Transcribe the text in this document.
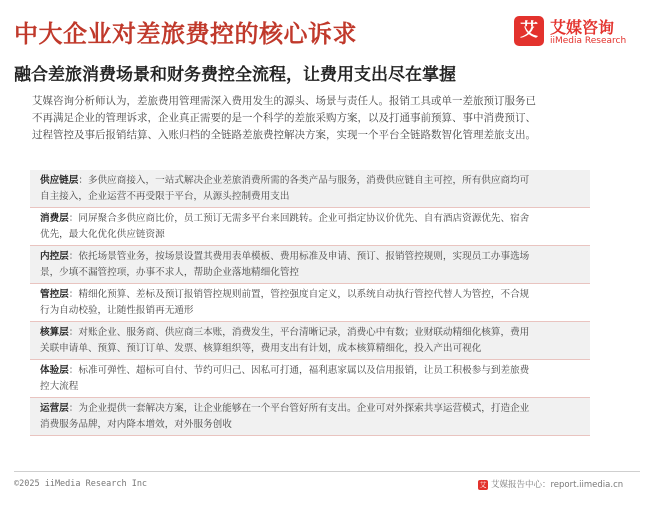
中大企业对差旅费控的核心诉求	艾 艾媒咨询
iiMedia Research
融合差旅消费场景和财务费控全流程，让费用支出尽在掌握
艾媒咨询分析师认为，差旅费用管理需深入费用发生的源头、场景与责任人。报销工具或单一差旅预订服务已
不再满足企业的管理诉求，企业真正需要的是一个科学的差旅采购方案，以及打通事前预算、事中消费预订、
过程管控及事后报销结算、入账归档的全链路差旅费控解决方案，实现一个平台全链路数智化管理差旅支出。
供应链层：多供应商接入，一站式解决企业差旅消费所需的各类产品与服务，消费供应链自主可控，所有供应商均可
自主接入，企业运营不再受限于平台，从源头控制费用支出
消费层：同屏聚合多供应商比价，员工预订无需多平台来回跳转。企业可指定协议价优先、自有酒店资源优先、宿舍
优先，最大化优化供应链资源
内控层：依托场景管业务，按场景设置其费用表单模板、费用标准及申请、预订、报销管控规则，实现员工办事选场
景，少填不漏管控项，办事不求人，帮助企业落地精细化管控
管控层：精细化预算、差标及预订报销管控规则前置，管控强度自定义，以系统自动执行管控代替人为管控，不合规
行为自动校验，让随性报销再无遁形
核算层：对账企业、服务商、供应商三本账，消费发生，平台清晰记录，消费心中有数；业财联动精细化核算，费用
关联申请单、预算、预订订单、发票、核算组织等，费用支出有计划，成本核算精细化，投入产出可视化
体验层：标准可弹性、超标可自付、节约可归己、因私可打通，福利惠家属以及信用报销，让员工积极参与到差旅费
控大流程
运营层：为企业提供一套解决方案，让企业能够在一个平台管好所有支出。企业可对外探索共享运营模式，打造企业
消费服务品牌，对内降本增效，对外服务创收
©2025 iiMedia Research Inc	艾 艾媒报告中心：report.iimedia.cn
